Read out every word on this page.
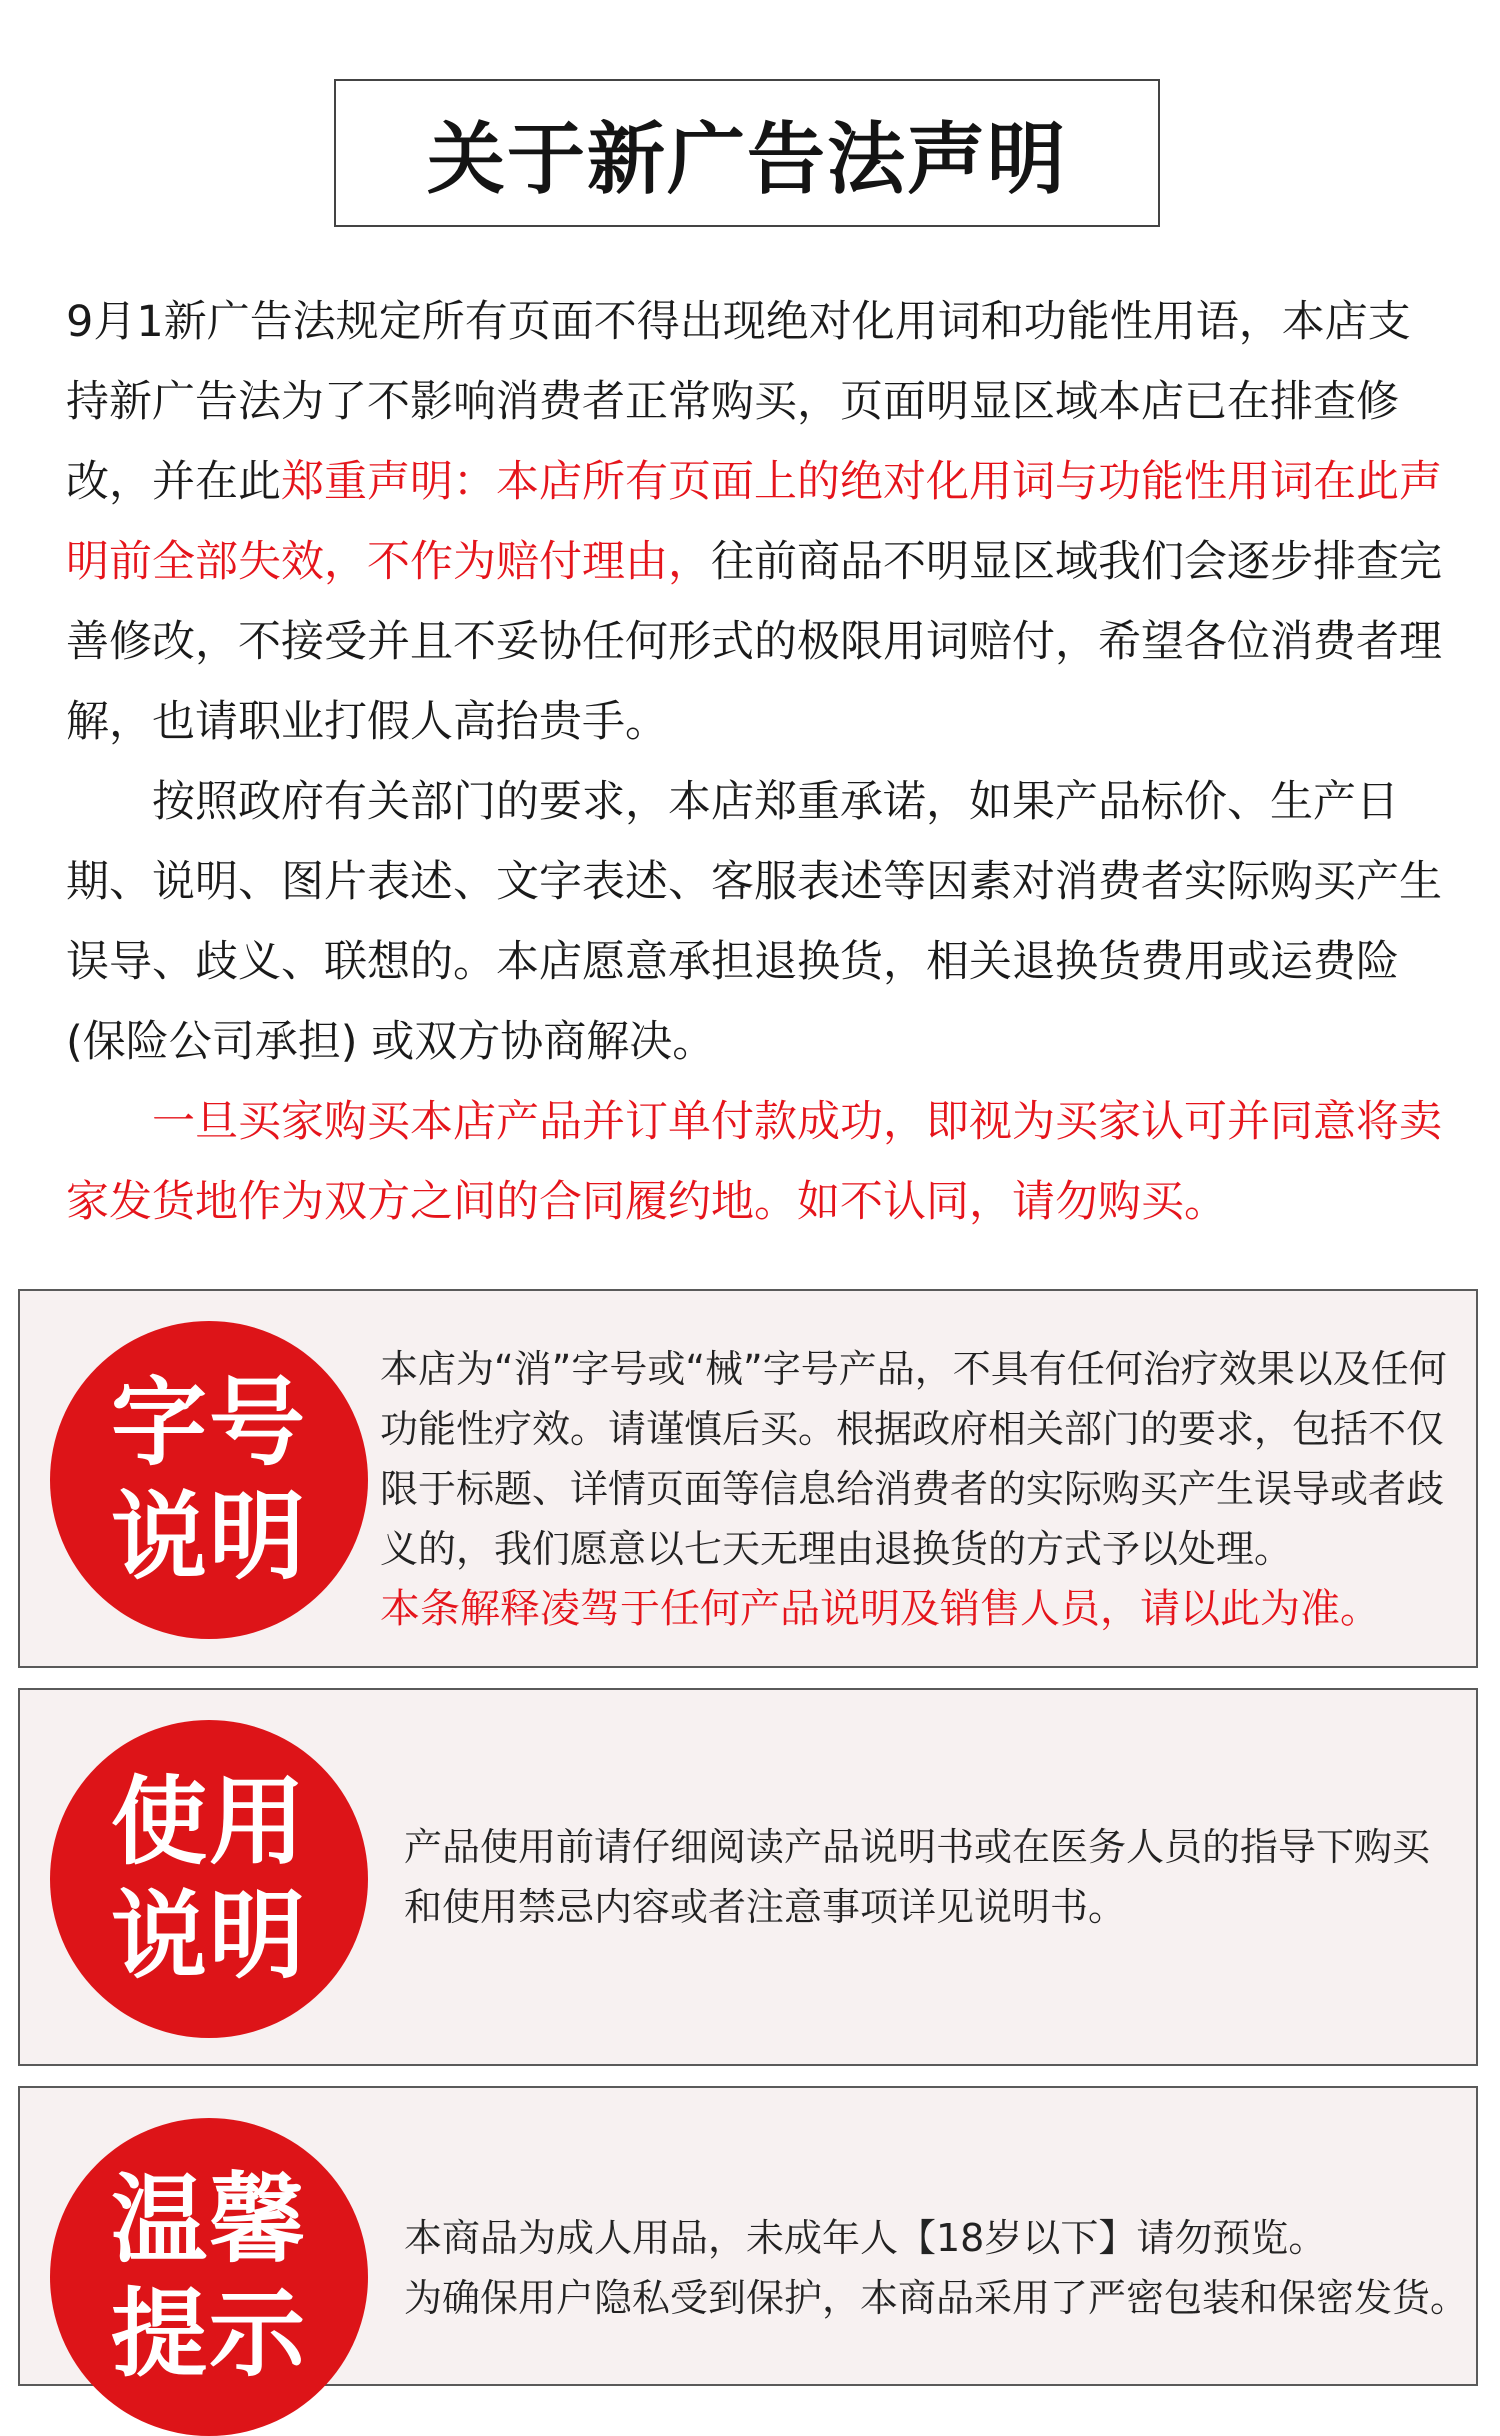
关于新广告法声明

9月1新广告法规定所有页面不得出现绝对化用词和功能性用语，本店支持新广告法为了不影响消费者正常购买，页面明显区域本店已在排查修改，并在此郑重声明：本店所有页面上的绝对化用词与功能性用词在此声明前全部失效，不作为赔付理由，往前商品不明显区域我们会逐步排查完善修改，不接受并且不妥协任何形式的极限用词赔付，希望各位消费者理解，也请职业打假人高抬贵手。

按照政府有关部门的要求，本店郑重承诺，如果产品标价、生产日期、说明、图片表述、文字表述、客服表述等因素对消费者实际购买产生误导、歧义、联想的。本店愿意承担退换货，相关退换货费用或运费险(保险公司承担) 或双方协商解决。

一旦买家购买本店产品并订单付款成功，即视为买家认可并同意将卖家发货地作为双方之间的合同履约地。如不认同，请勿购买。

字号
说明

本店为“消”字号或“械”字号产品，不具有任何治疗效果以及任何功能性疗效。请谨慎后买。根据政府相关部门的要求，包括不仅限于标题、详情页面等信息给消费者的实际购买产生误导或者歧义的，我们愿意以七天无理由退换货的方式予以处理。

本条解释凌驾于任何产品说明及销售人员，请以此为准。

使用
说明

产品使用前请仔细阅读产品说明书或在医务人员的指导下购买和使用禁忌内容或者注意事项详见说明书。

温馨
提示

本商品为成人用品，未成年人【18岁以下】请勿预览。

为确保用户隐私受到保护，本商品采用了严密包装和保密发货。
